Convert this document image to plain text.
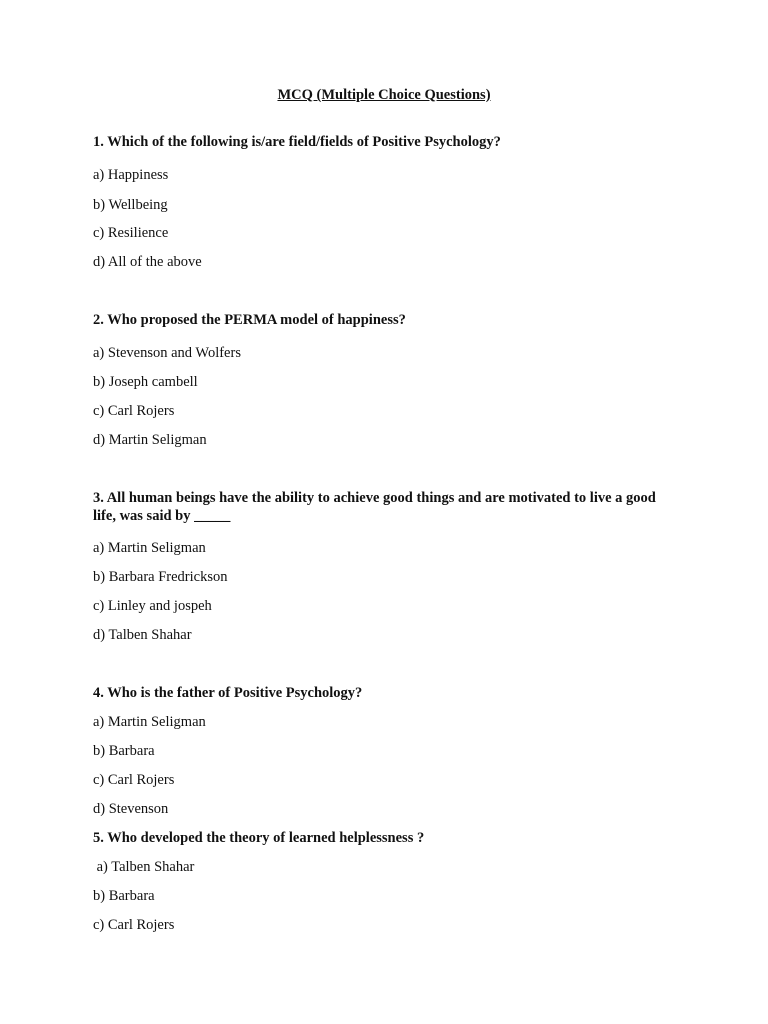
MCQ (Multiple Choice Questions)
1. Which of the following is/are field/fields of Positive Psychology?
a) Happiness
b) Wellbeing
c) Resilience
d) All of the above
2. Who proposed the PERMA model of happiness?
a) Stevenson and Wolfers
b) Joseph cambell
c) Carl Rojers
d) Martin Seligman
3. All human beings have the ability to achieve good things and are motivated to live a good life, was said by _____
a) Martin Seligman
b) Barbara Fredrickson
c) Linley and jospeh
d) Talben Shahar
4. Who is the father of Positive Psychology?
a) Martin Seligman
b) Barbara
c) Carl Rojers
d) Stevenson
5. Who developed the theory of learned helplessness ?
a) Talben Shahar
b) Barbara
c) Carl Rojers
